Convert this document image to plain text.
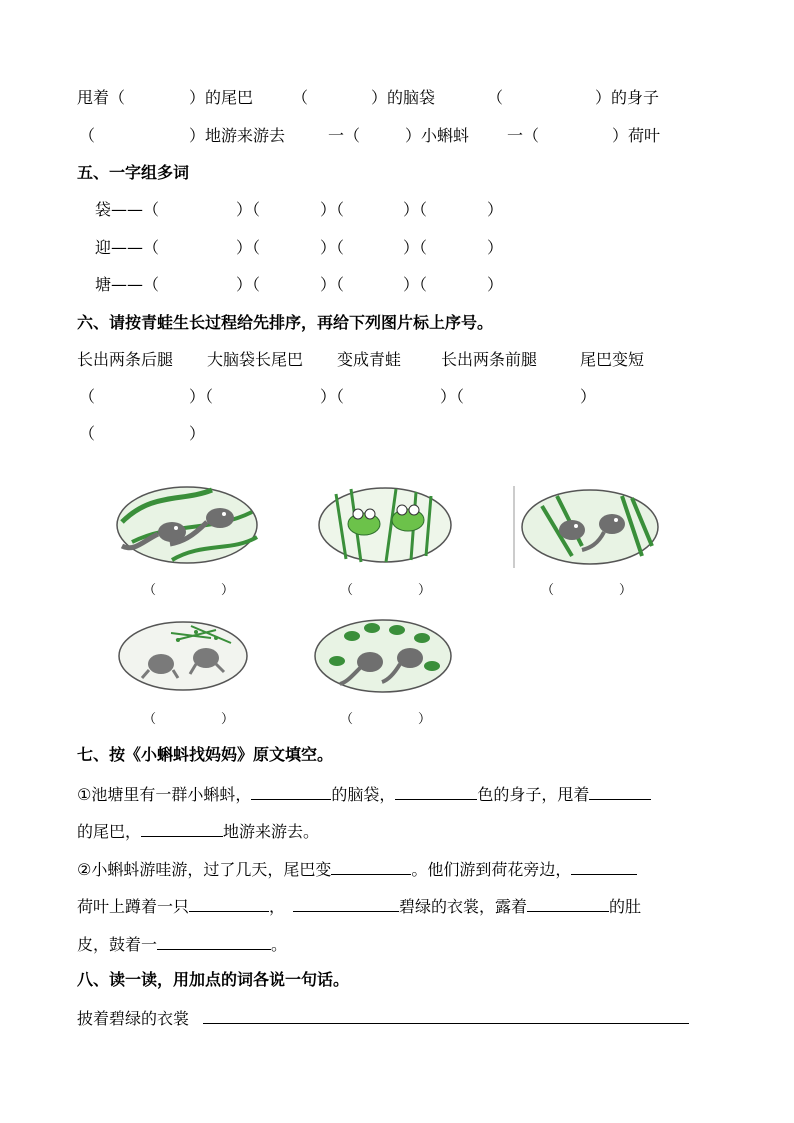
甩着（	）的尾巴 （	）的脑袋	（	）的身子
（	）地游来游去	一（	）小蝌蚪 一（	）荷叶
五、一字组多词
袋——（	）（	）（	）（	）
迎——（	）（	）（	）（	）
塘——（	）（	）（	）（	）
六、请按青蛙生长过程给先排序，再给下列图片标上序号。
长出两条后腿 大脑袋长尾巴 变成青蛙 长出两条前腿	尾巴变短
（	）（	）（	）（	）
（	）
（　　　　　）	（　　　　　）	（　　　　　）
（　　　　　）	（　　　　　）
七、按《小蝌蚪找妈妈》原文填空。
①池塘里有一群小蝌蚪，	的脑袋，	色的身子，甩着
的尾巴，	地游来游去。
②小蝌蚪游哇游，过了几天，尾巴变	。他们游到荷花旁边，
荷叶上蹲着一只	，	碧绿的衣裳，露着	的肚
皮，鼓着一	。
八、读一读，用加点的词各说一句话。
披着碧绿的衣裳
